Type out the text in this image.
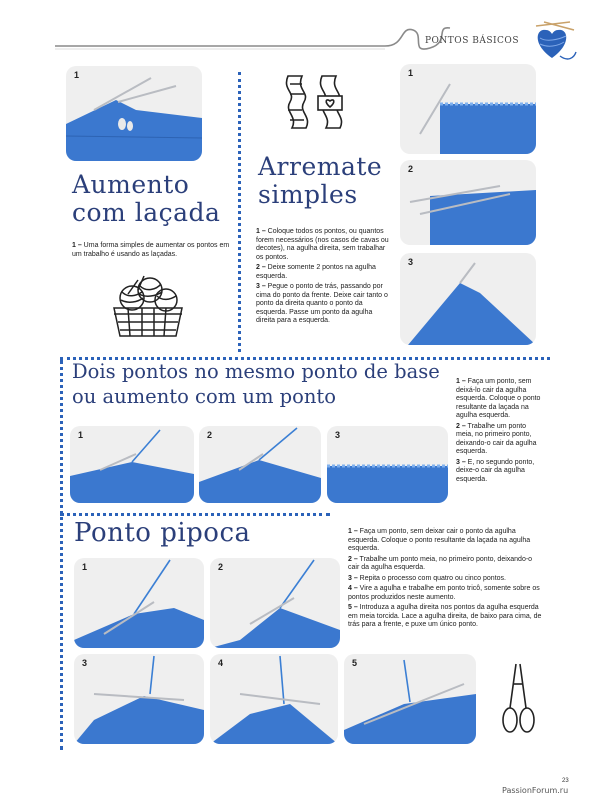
PONTOS BÁSICOS
1
Aumento
com laçada

1 – Uma forma simples de aumentar os pontos em um trabalho é usando as laçadas.

Arremate
simples

1 – Coloque todos os pontos, ou quantos forem necessários (nos casos de cavas ou decotes), na agulha direita, sem trabalhar os pontos.

2 – Deixe somente 2 pontos na agulha esquerda.

3 – Pegue o ponto de trás, passando por cima do ponto da frente. Deixe cair tanto o ponto da direita quanto o ponto da esquerda. Passe um ponto da agulha direita para a esquerda.

1
2
3
Dois pontos no mesmo ponto de base
ou aumento com um ponto
1	2	3

1 – Faça um ponto, sem deixá-lo cair da agulha esquerda. Coloque o ponto resultante da laçada na agulha esquerda.

2 – Trabalhe um ponto meia, no primeiro ponto, deixando-o cair da agulha esquerda.

3 – E, no segundo ponto, deixe-o cair da agulha esquerda.

Ponto pipoca	1 – Faça um ponto, sem deixar cair o ponto da agulha esquerda. Coloque o ponto resultante da laçada na agulha esquerda.

2 – Trabalhe um ponto meia, no primeiro ponto, deixando-o cair da agulha esquerda.

3 – Repita o processo com quatro ou cinco pontos.

4 – Vire a agulha e trabalhe em ponto tricô, somente sobre os pontos produzidos neste aumento.

5 – Introduza a agulha direita nos pontos da agulha esquerda em meia torcida. Lace a agulha direita, de baixo para cima, de trás para a frente, e puxe um único ponto.

1	2
3	4	5
23
PassionForum.ru
